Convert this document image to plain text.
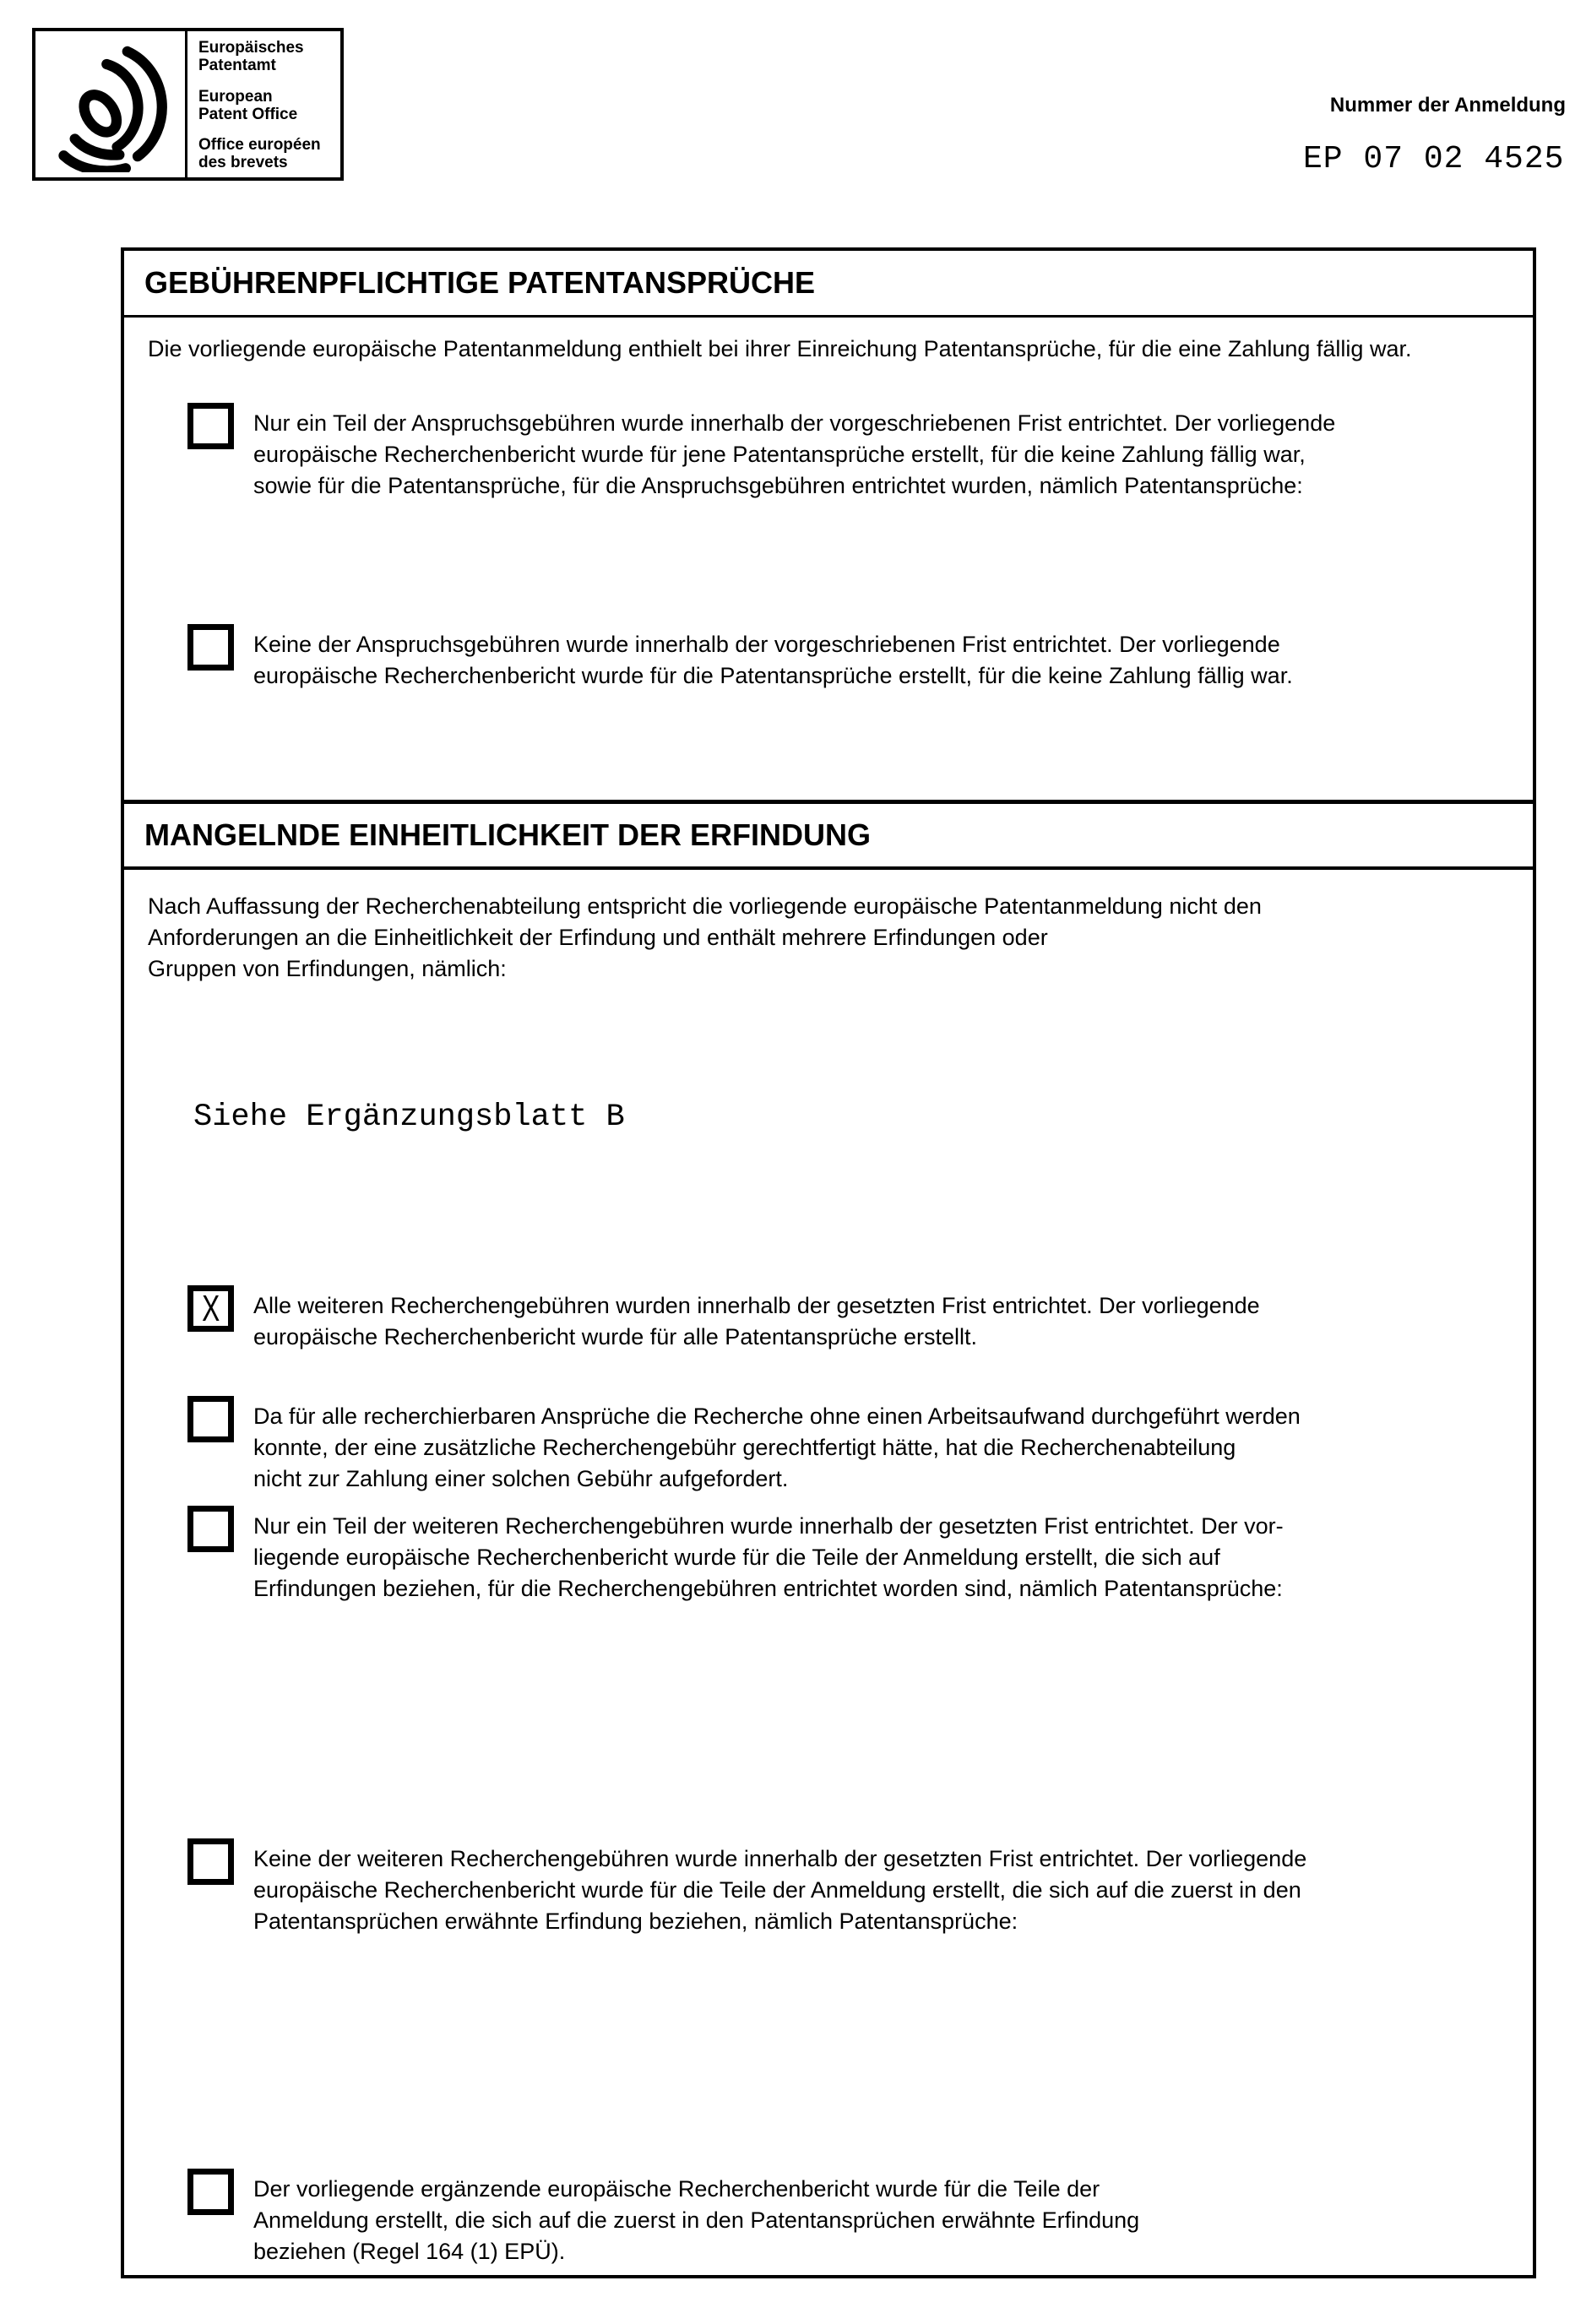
Europäisches
Patentamt
European
Patent Office
Office européen
des brevets
Nummer der Anmeldung
EP 07 02 4525
GEBÜHRENPFLICHTIGE PATENTANSPRÜCHE
Die vorliegende europäische Patentanmeldung enthielt bei ihrer Einreichung Patentansprüche, für die eine Zahlung fällig war.
Nur ein Teil der Anspruchsgebühren wurde innerhalb der vorgeschriebenen Frist entrichtet. Der vorliegende
europäische Recherchenbericht wurde für jene Patentansprüche erstellt, für die keine Zahlung fällig war,
sowie für die Patentansprüche, für die Anspruchsgebühren entrichtet wurden, nämlich Patentansprüche:
Keine der Anspruchsgebühren wurde innerhalb der vorgeschriebenen Frist entrichtet. Der vorliegende
europäische Recherchenbericht wurde für die Patentansprüche erstellt, für die keine Zahlung fällig war.
MANGELNDE EINHEITLICHKEIT DER ERFINDUNG
Nach Auffassung der Recherchenabteilung entspricht die vorliegende europäische Patentanmeldung nicht den
Anforderungen an die Einheitlichkeit der Erfindung und enthält mehrere Erfindungen oder
Gruppen von Erfindungen, nämlich:
Siehe Ergänzungsblatt B
X Alle weiteren Recherchengebühren wurden innerhalb der gesetzten Frist entrichtet. Der vorliegende
europäische Recherchenbericht wurde für alle Patentansprüche erstellt.
Da für alle recherchierbaren Ansprüche die Recherche ohne einen Arbeitsaufwand durchgeführt werden
konnte, der eine zusätzliche Recherchengebühr gerechtfertigt hätte, hat die Recherchenabteilung
nicht zur Zahlung einer solchen Gebühr aufgefordert.
Nur ein Teil der weiteren Recherchengebühren wurde innerhalb der gesetzten Frist entrichtet. Der vor-
liegende europäische Recherchenbericht wurde für die Teile der Anmeldung erstellt, die sich auf
Erfindungen beziehen, für die Recherchengebühren entrichtet worden sind, nämlich Patentansprüche:
Keine der weiteren Recherchengebühren wurde innerhalb der gesetzten Frist entrichtet. Der vorliegende
europäische Recherchenbericht wurde für die Teile der Anmeldung erstellt, die sich auf die zuerst in den
Patentansprüchen erwähnte Erfindung beziehen, nämlich Patentansprüche:
Der vorliegende ergänzende europäische Recherchenbericht wurde für die Teile der
Anmeldung erstellt, die sich auf die zuerst in den Patentansprüchen erwähnte Erfindung
beziehen (Regel 164 (1) EPÜ).
